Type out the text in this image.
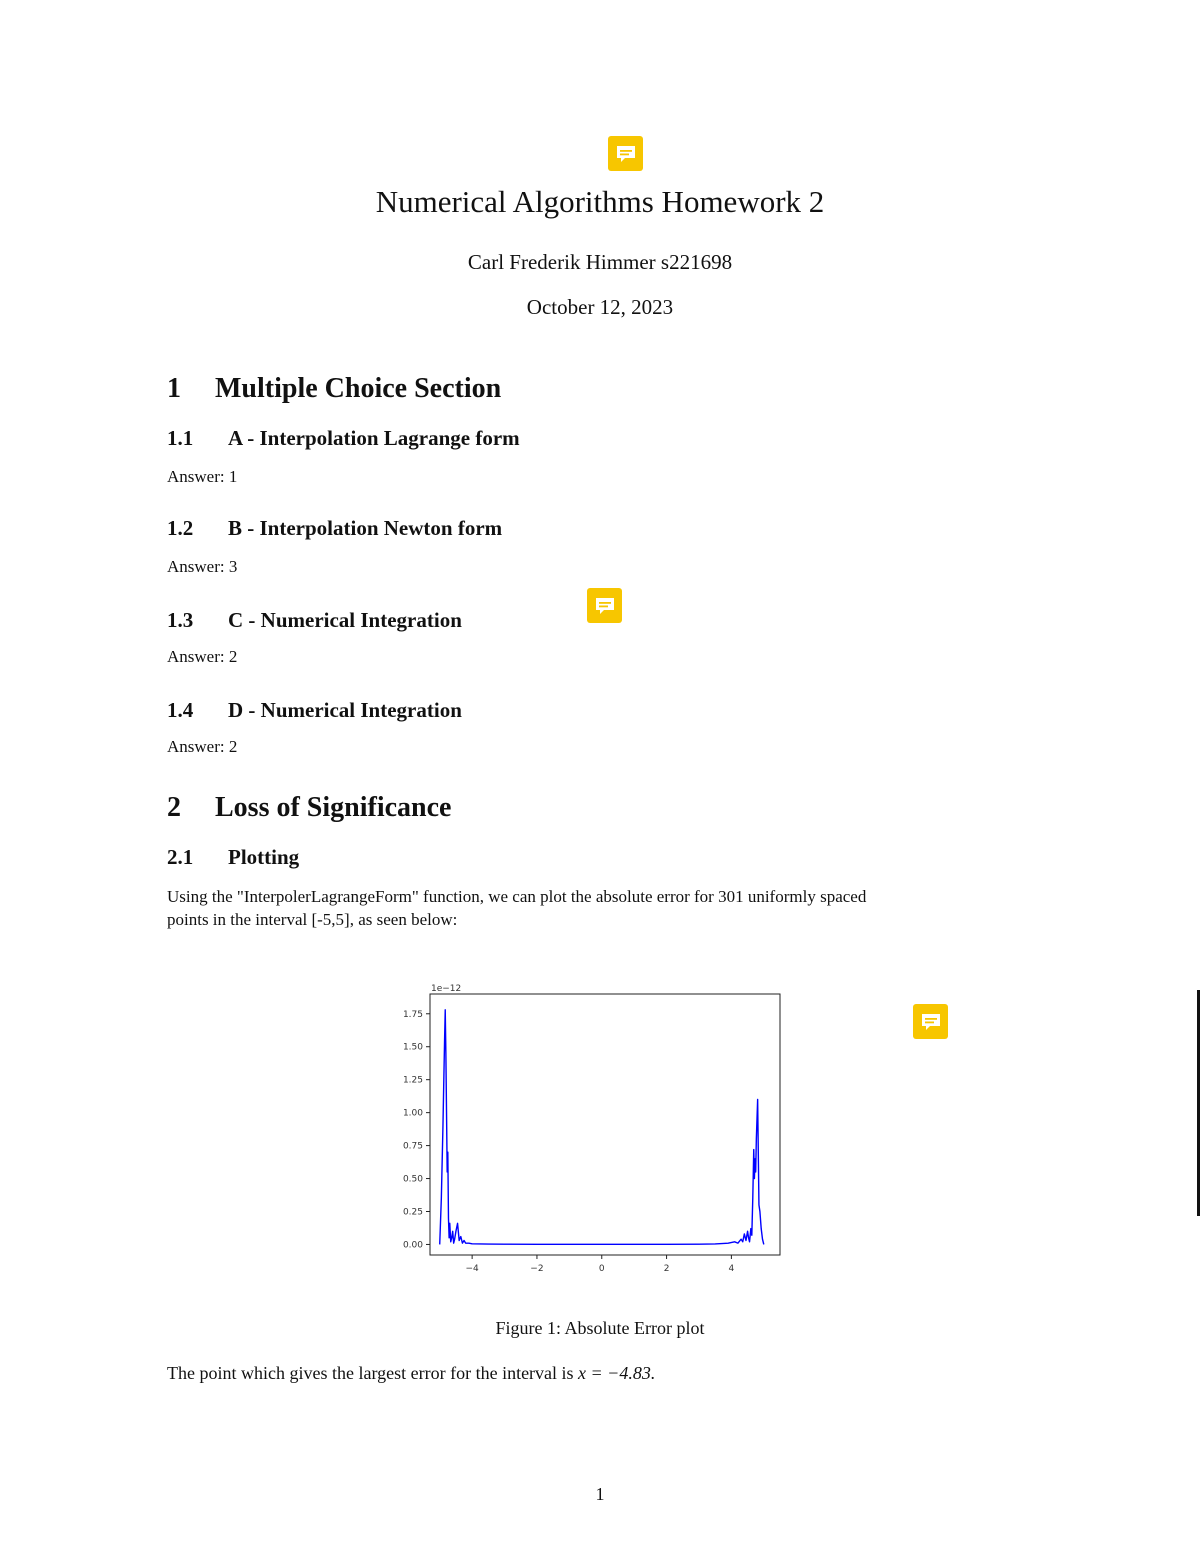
Numerical Algorithms Homework 2
Carl Frederik Himmer s221698
October 12, 2023
1 Multiple Choice Section
1.1 A - Interpolation Lagrange form
Answer: 1
1.2 B - Interpolation Newton form
Answer: 3
1.3 C - Numerical Integration
Answer: 2
1.4 D - Numerical Integration
Answer: 2
2 Loss of Significance
2.1 Plotting
Using the "InterpolerLagrangeForm" function, we can plot the absolute error for 301 uniformly spaced
points in the interval [-5,5], as seen below:
1e−12
−4	−2	0	2	4
0.00
0.25
0.50
0.75
1.00
1.25
1.50
1.75
Figure 1: Absolute Error plot
The point which gives the largest error for the interval is x = −4.83.
1
